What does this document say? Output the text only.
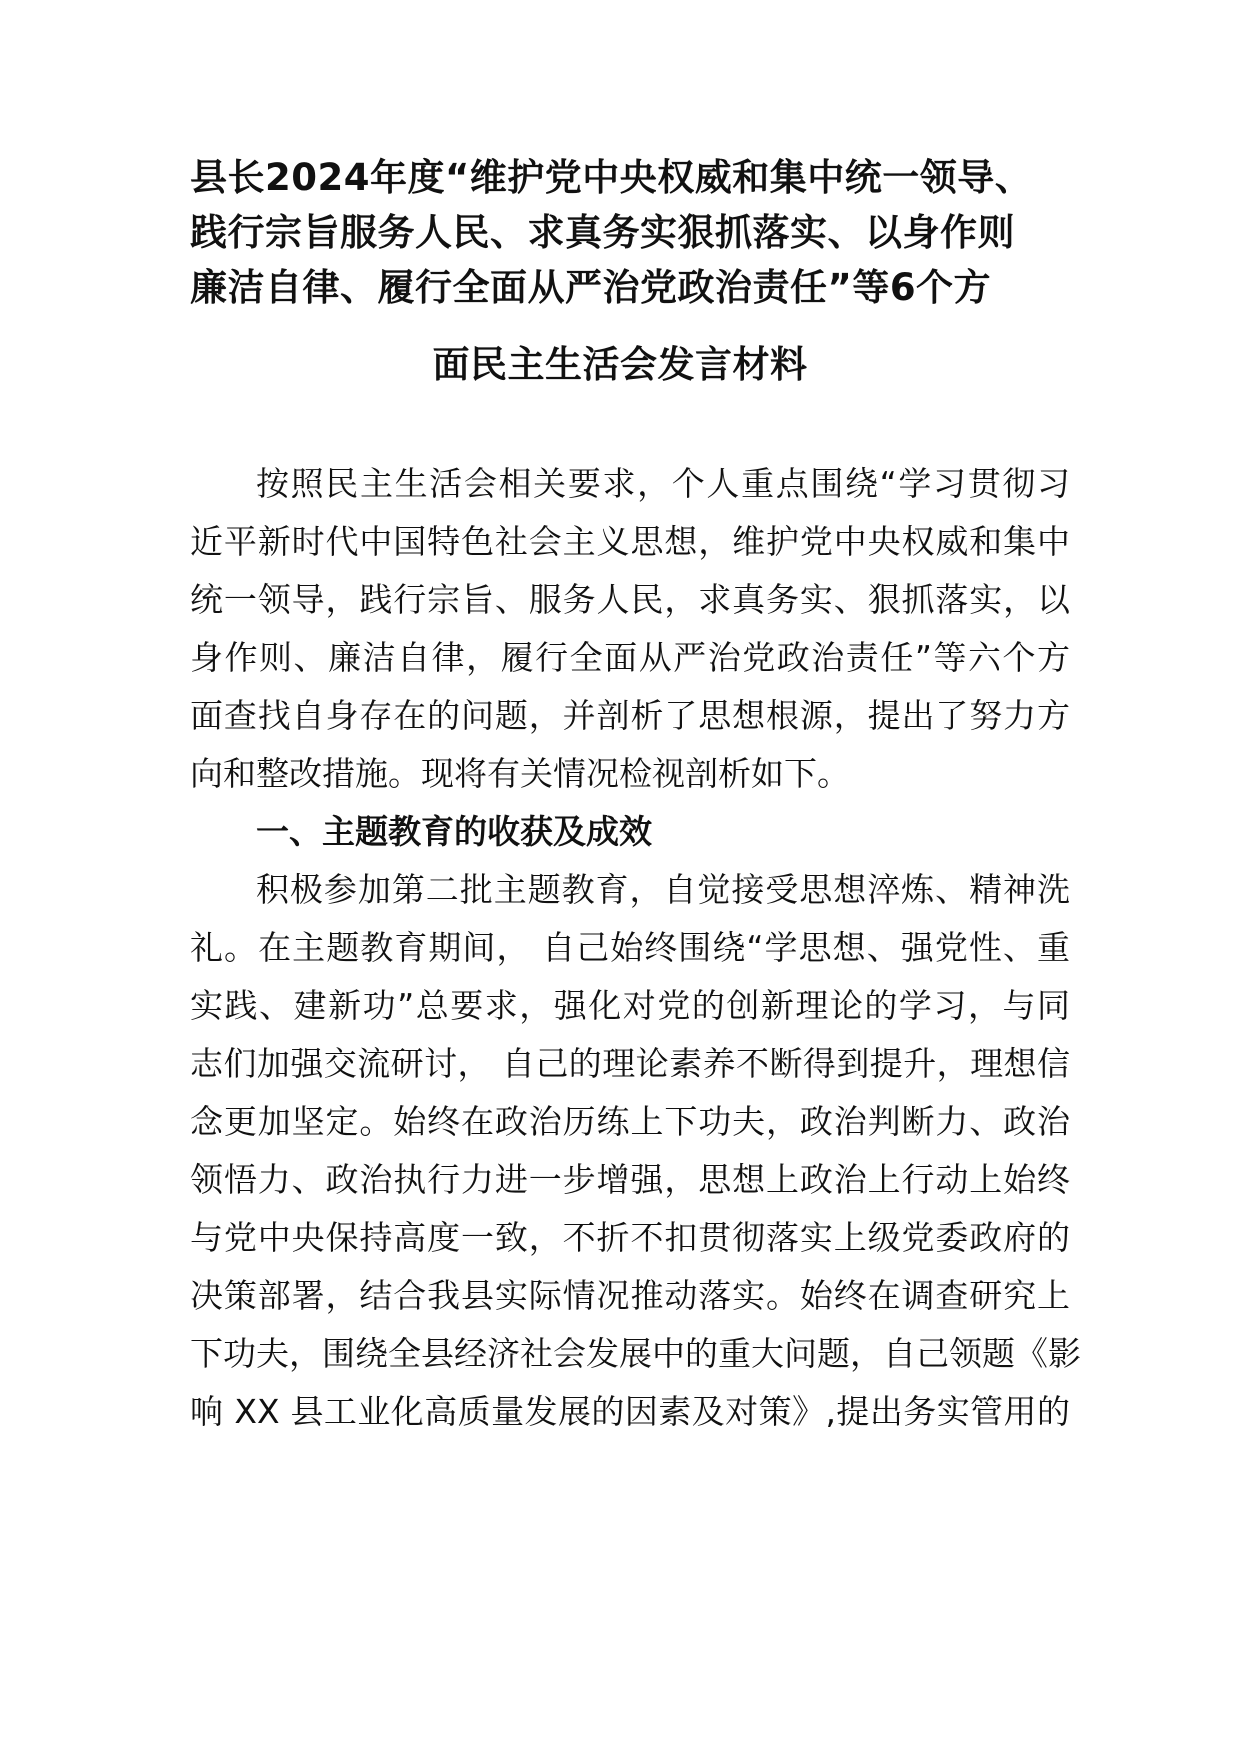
县长2024年度“维护党中央权威和集中统一领导、
践行宗旨服务人民、求真务实狠抓落实、以身作则
廉洁自律、履行全面从严治党政治责任”等6个方
面民主生活会发言材料
按照民主生活会相关要求，个人重点围绕“学习贯彻习
近平新时代中国特色社会主义思想，维护党中央权威和集中
统一领导，践行宗旨、服务人民，求真务实、狠抓落实，以
身作则、廉洁自律，履行全面从严治党政治责任”等六个方
面查找自身存在的问题，并剖析了思想根源，提出了努力方
向和整改措施。现将有关情况检视剖析如下。
一、主题教育的收获及成效
积极参加第二批主题教育，自觉接受思想淬炼、精神洗
礼。在主题教育期间， 自己始终围绕“学思想、强党性、重
实践、建新功”总要求，强化对党的创新理论的学习，与同
志们加强交流研讨， 自己的理论素养不断得到提升，理想信
念更加坚定。始终在政治历练上下功夫，政治判断力、政治
领悟力、政治执行力进一步增强，思想上政治上行动上始终
与党中央保持高度一致，不折不扣贯彻落实上级党委政府的
决策部署，结合我县实际情况推动落实。始终在调查研究上
下功夫，围绕全县经济社会发展中的重大问题，自己领题《影
响 XX 县工业化高质量发展的因素及对策》,提出务实管用的
